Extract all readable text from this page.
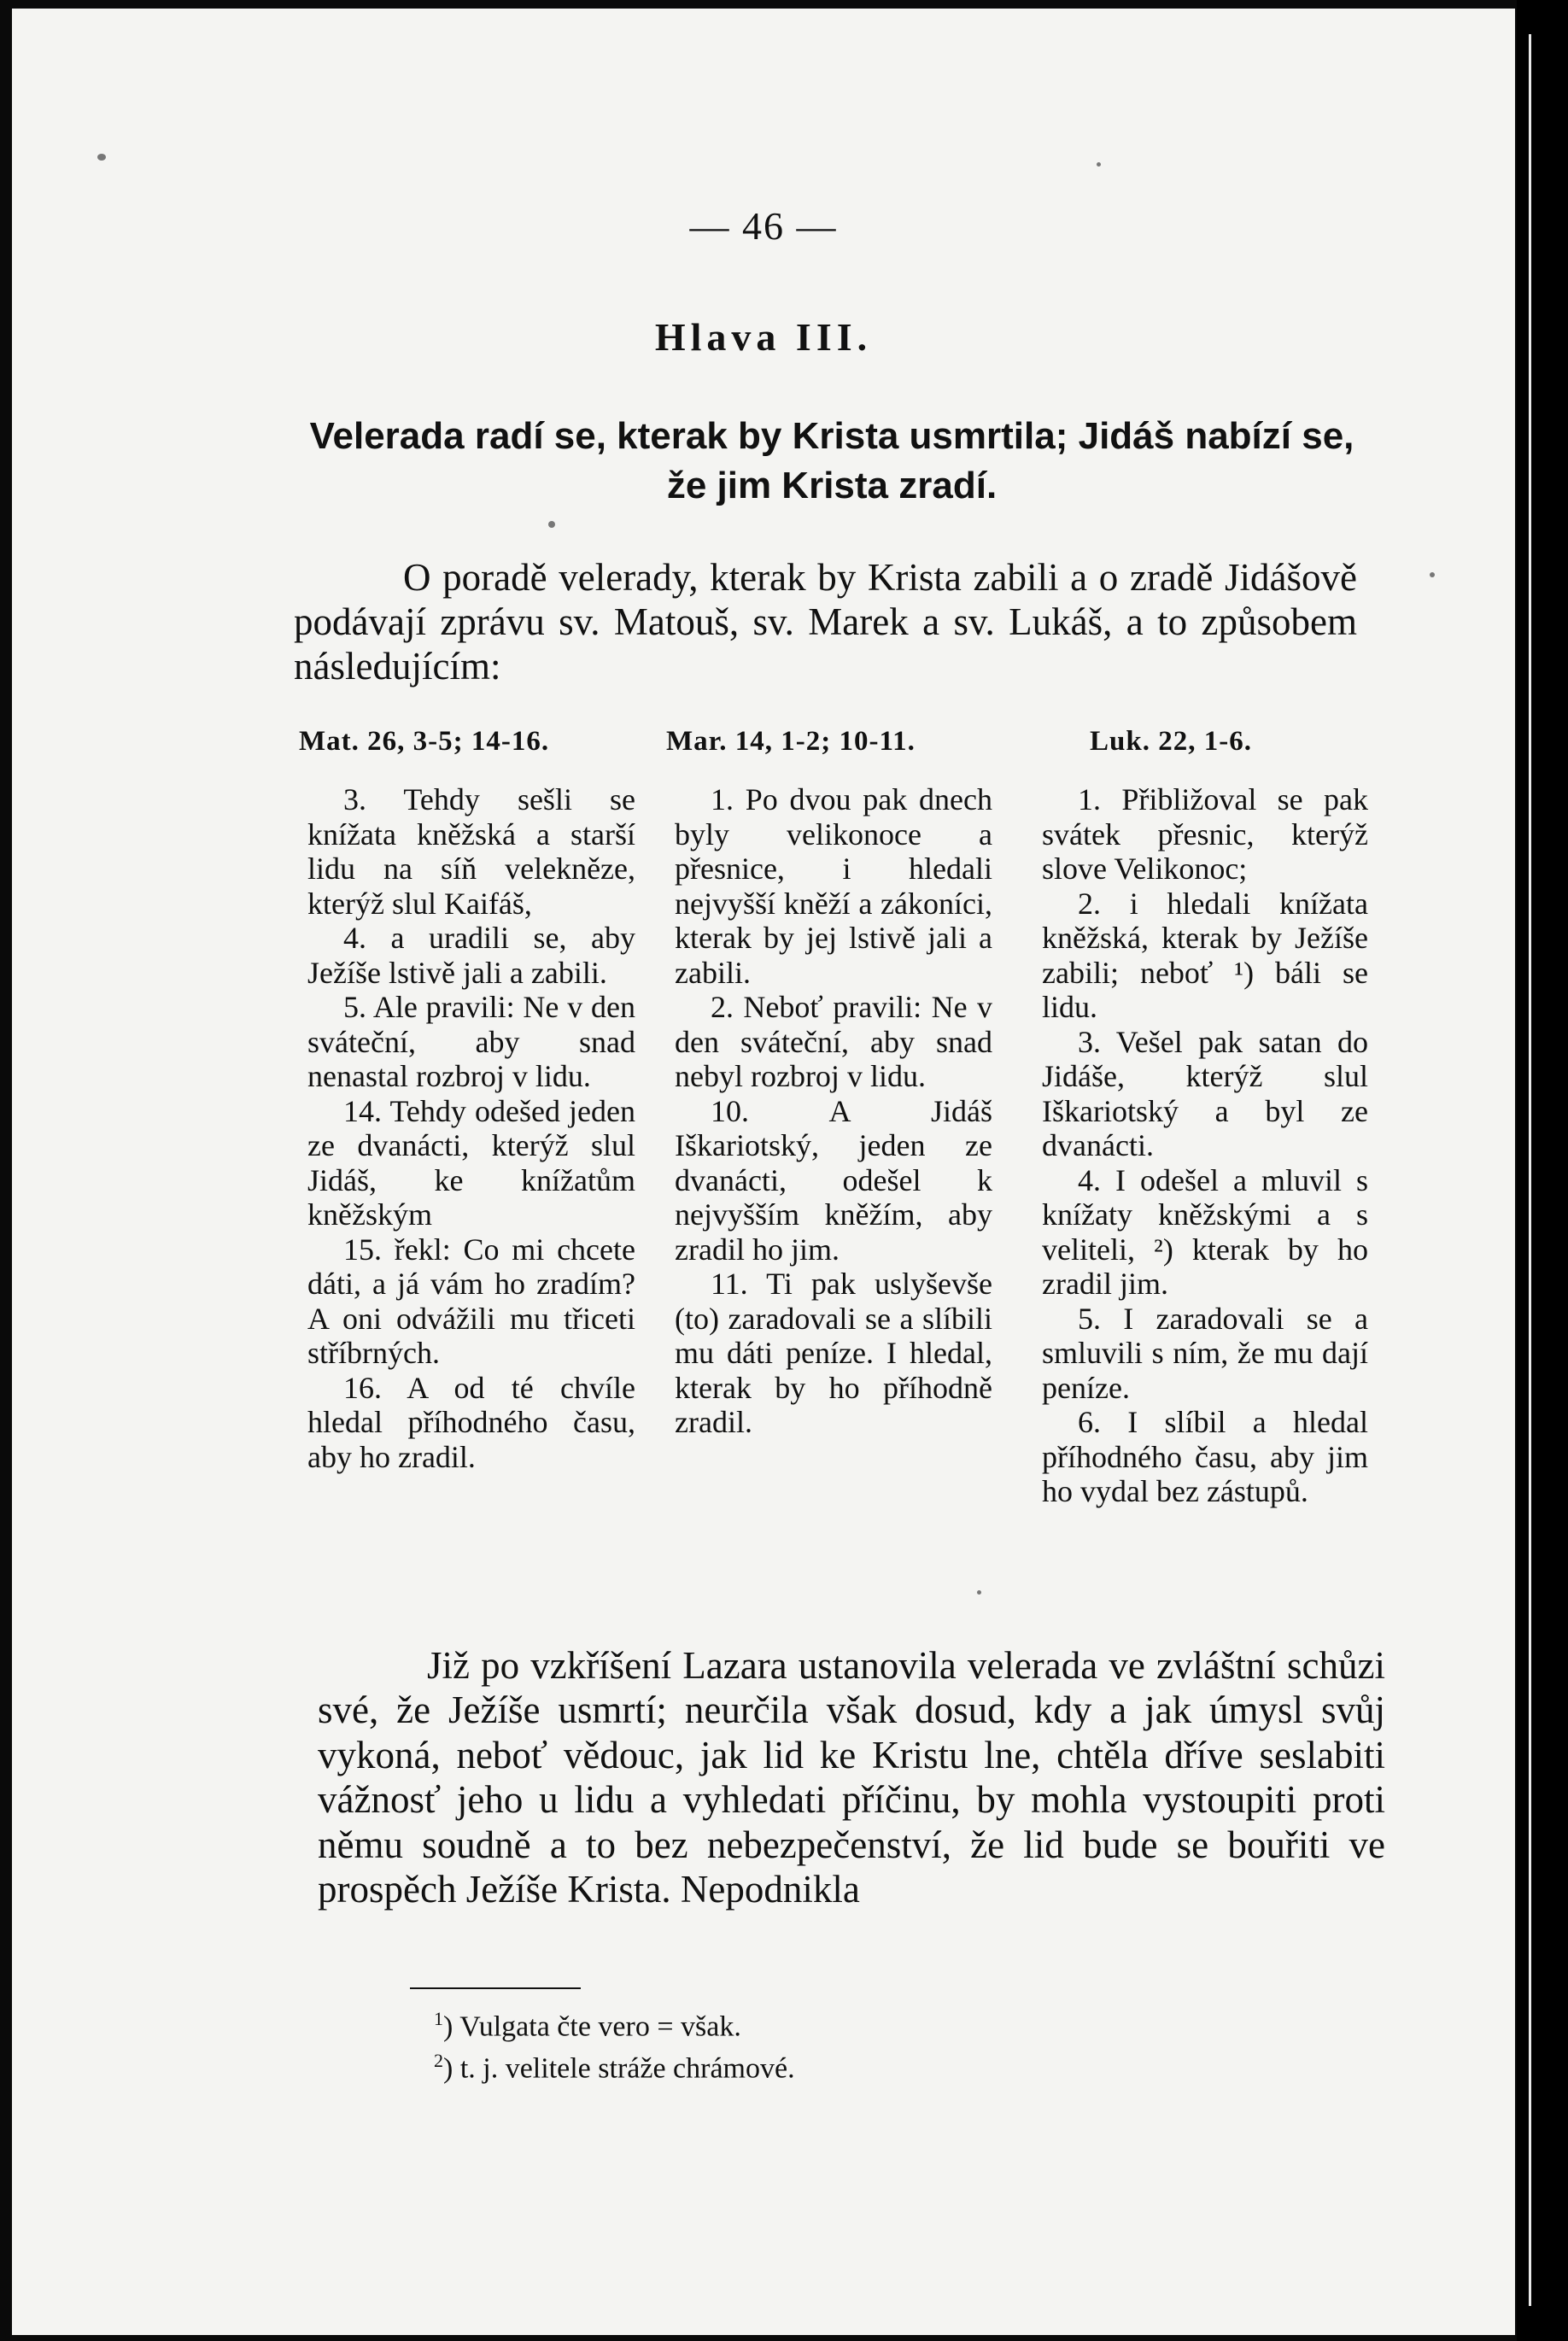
— 46 —
Hlava III.
Velerada radí se, kterak by Krista usmrtila; Jidáš nabízí se, že jim Krista zradí.

O poradě velerady, kterak by Krista zabili a o zradě Jidášově podávají zprávu sv. Matouš, sv. Marek a sv. Lukáš, a to způsobem následujícím:

Mat. 26, 3-5; 14-16.	Mar. 14, 1-2; 10-11.	Luk. 22, 1-6.
3. Tehdy sešli se knížata kněžská a starší lidu na síň velekněze, kterýž slul Kaifáš,
4. a uradili se, aby Ježíše lstivě jali a zabili.
5. Ale pravili: Ne v den sváteční, aby snad nenastal rozbroj v lidu.
14. Tehdy odešed jeden ze dvanácti, kterýž slul Jidáš, ke knížatům kněžským
15. řekl: Co mi chcete dáti, a já vám ho zradím? A oni odvážili mu třiceti stříbrných.
16. A od té chvíle hledal příhodného času, aby ho zradil.
1. Po dvou pak dnech byly velikonoce a přesnice, i hledali nejvyšší kněží a zákoníci, kterak by jej lstivě jali a zabili.
2. Neboť pravili: Ne v den sváteční, aby snad nebyl rozbroj v lidu.
10. A Jidáš Iškariotský, jeden ze dvanácti, odešel k nejvyšším kněžím, aby zradil ho jim.
11. Ti pak uslyševše (to) zaradovali se a slíbili mu dáti peníze. I hledal, kterak by ho příhodně zradil.
1. Přibližoval se pak svátek přesnic, kterýž slove Velikonoc;
2. i hledali knížata kněžská, kterak by Ježíše zabili; neboť ¹) báli se lidu.
3. Vešel pak satan do Jidáše, kterýž slul Iškariotský a byl ze dvanácti.
4. I odešel a mluvil s knížaty kněžskými a s veliteli, ²) kterak by ho zradil jim.
5. I zaradovali se a smluvili s ním, že mu dají peníze.
6. I slíbil a hledal příhodného času, aby jim ho vydal bez zástupů.

Již po vzkříšení Lazara ustanovila velerada ve zvláštní schůzi své, že Ježíše usmrtí; neurčila však dosud, kdy a jak úmysl svůj vykoná, neboť vědouc, jak lid ke Kristu lne, chtěla dříve seslabiti vážnosť jeho u lidu a vyhledati příčinu, by mohla vystoupiti proti němu soudně a to bez nebezpečenství, že lid bude se bouřiti ve prospěch Ježíše Krista. Nepodnikla

$^1$) Vulgata čte vero = však.
$^2$) t. j. velitele stráže chrámové.
